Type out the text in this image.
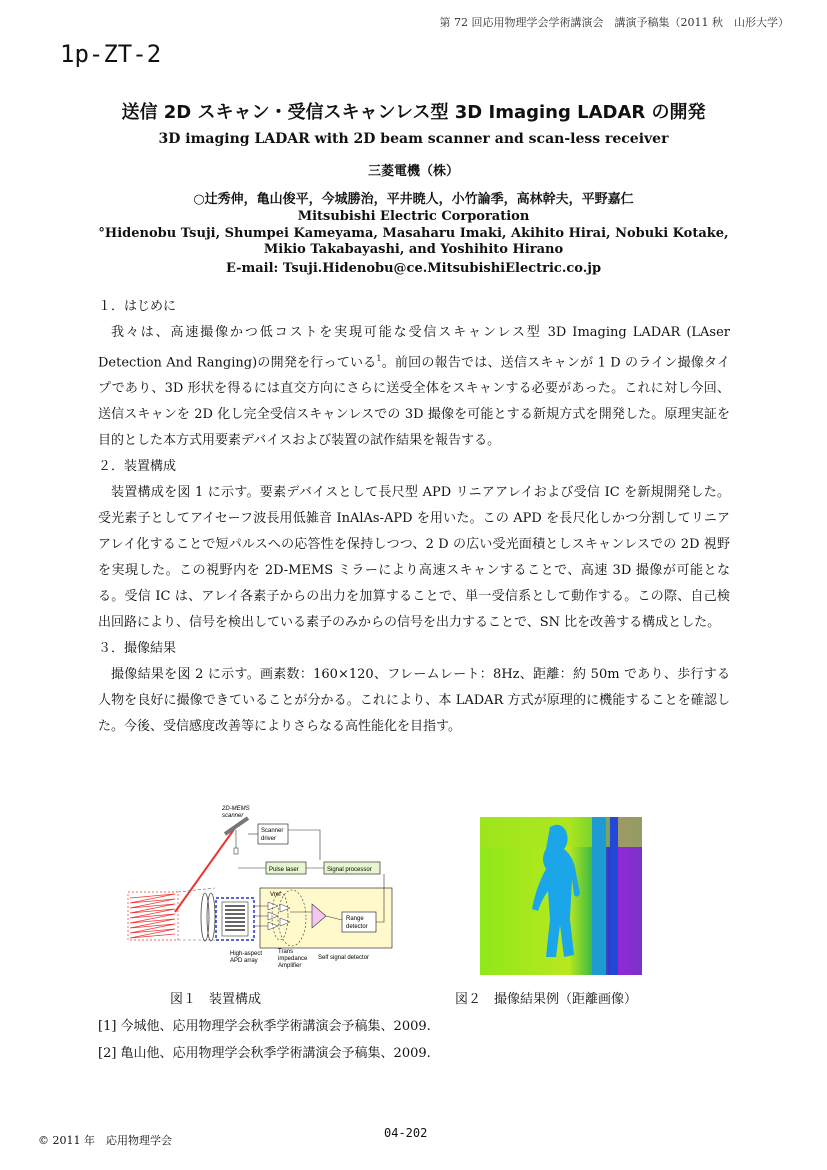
第 72 回応用物理学会学術講演会　講演予稿集（2011 秋　山形大学）
1p-ZT-2
送信 2D スキャン・受信スキャンレス型 3D Imaging LADAR の開発
3D imaging LADAR with 2D beam scanner and scan-less receiver
三菱電機（株）
○辻秀伸，亀山俊平，今城勝治，平井暁人，小竹論季，高林幹夫，平野嘉仁
Mitsubishi Electric Corporation
°Hidenobu Tsuji, Shumpei Kameyama, Masaharu Imaki, Akihito Hirai, Nobuki Kotake,
Mikio Takabayashi, and Yoshihito Hirano
E-mail: Tsuji.Hidenobu@ce.MitsubishiElectric.co.jp

１．はじめに

我々は、高速撮像かつ低コストを実現可能な受信スキャンレス型 3D Imaging LADAR (LAser Detection And Ranging)の開発を行っている$^1$。前回の報告では、送信スキャンが 1 D のライン撮像タイプであり、3D 形状を得るには直交方向にさらに送受全体をスキャンする必要があった。これに対し今回、送信スキャンを 2D 化し完全受信スキャンレスでの 3D 撮像を可能とする新規方式を開発した。原理実証を目的とした本方式用要素デバイスおよび装置の試作結果を報告する。

２．装置構成

装置構成を図 1 に示す。要素デバイスとして長尺型 APD リニアアレイおよび受信 IC を新規開発した。受光素子としてアイセーフ波長用低雑音 InAlAs-APD を用いた。この APD を長尺化しかつ分割してリニアアレイ化することで短パルスへの応答性を保持しつつ、2 D の広い受光面積としスキャンレスでの 2D 視野を実現した。この視野内を 2D-MEMS ミラーにより高速スキャンすることで、高速 3D 撮像が可能となる。受信 IC は、アレイ各素子からの出力を加算することで、単一受信系として動作する。この際、自己検出回路により、信号を検出している素子のみからの信号を出力することで、SN 比を改善する構成とした。

３．撮像結果

撮像結果を図 2 に示す。画素数：160×120、フレームレート：8Hz、距離：約 50m であり、歩行する人物を良好に撮像できていることが分かる。これにより、本 LADAR 方式が原理的に機能することを確認した。今後、受信感度改善等によりさらなる高性能化を目指す。

2D-MEMS
scanner
Scanner
driver
Pulse laser	Signal processor
Vref
Range
detector
High-aspect
APD array
Trans
impedance
Amplifier
Self signal detector
図１　装置構成	図２　撮像結果例（距離画像）
[1] 今城他、応用物理学会秋季学術講演会予稿集、2009.
[2] 亀山他、応用物理学会秋季学術講演会予稿集、2009.
© 2011 年　応用物理学会
04-202
